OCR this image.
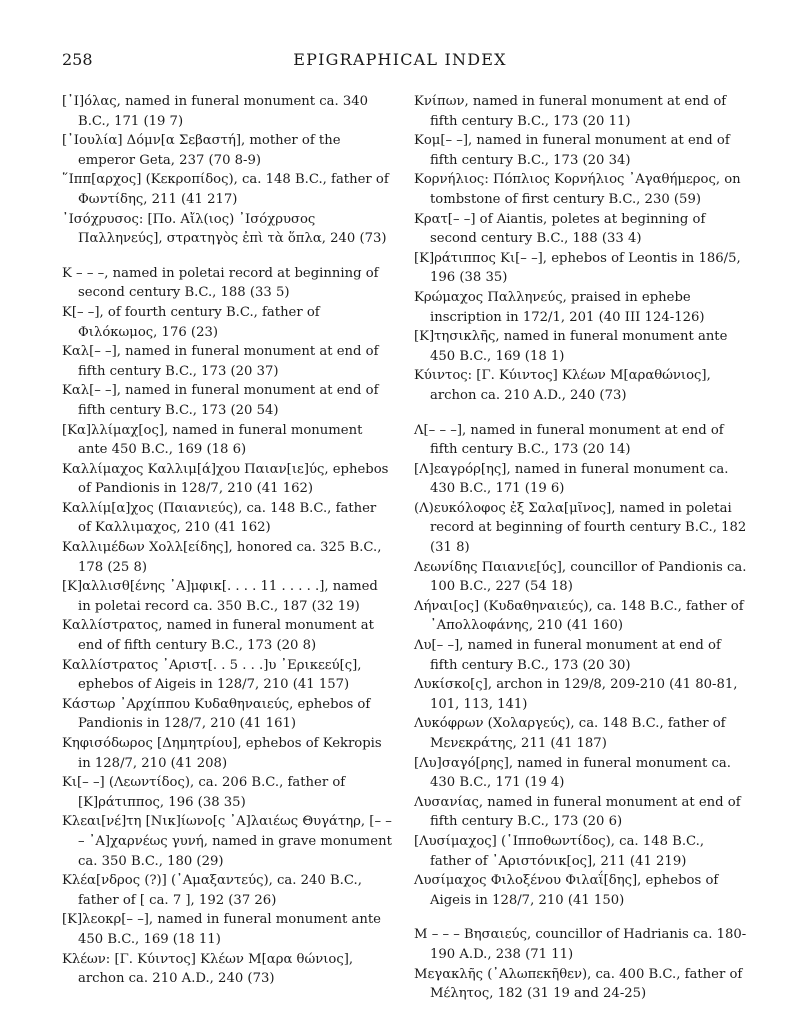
258	EPIGRAPHICAL INDEX

[᾽Ι]όλας, named in funeral monument ca. 340 B.C., 171 (19 7)

[᾽Ιουλία] Δόμν[α Σεβαστή], mother of the emperor Geta, 237 (70 8-9)

῞Ιππ[αρχος] (Κεκροπίδος), ca. 148 B.C., father of Φωντίδης, 211 (41 217)

᾽Ισόχρυσος: [Πο. Αἴλ(ιος) ᾽Ισόχρυσος Παλληνεύς], στρατηγὸς ἐπὶ τὰ ὅπλα, 240 (73)

K – – –, named in poletai record at beginning of second century B.C., 188 (33 5)

K[– –], of fourth century B.C., father of Φιλόκωμος, 176 (23)

Καλ[– –], named in funeral monument at end of fifth century B.C., 173 (20 37)

Καλ[– –], named in funeral monument at end of fifth century B.C., 173 (20 54)

[Κα]λλίμαχ[ος], named in funeral monument ante 450 B.C., 169 (18 6)

Καλλίμαχος Καλλιμ[ά]χου Παιαν[ιε]ύς, ephebos of Pandionis in 128/7, 210 (41 162)

Καλλίμ[α]χος (Παιανιεύς), ca. 148 B.C., father of Καλλιμαχος, 210 (41 162)

Καλλιμέδων Χολλ[είδης], honored ca. 325 B.C., 178 (25 8)

[Κ]αλλισθ[ένης ᾽Α]μφικ[. . . . 11 . . . . .], named in poletai record ca. 350 B.C., 187 (32 19)

Καλλίστρατος, named in funeral monument at end of fifth century B.C., 173 (20 8)

Καλλίστρατος ᾽Αριστ[. . 5 . . .]υ ᾽Ερικεεύ[ς], ephebos of Aigeis in 128/7, 210 (41 157)

Κάστωρ ᾽Αρχίππου Κυδαθηναιεύς, ephebos of Pandionis in 128/7, 210 (41 161)

Κηφισόδωρος [Δημητρίου], ephebos of Kekropis in 128/7, 210 (41 208)

Κι[– –] (Λεωντίδος), ca. 206 B.C., father of [Κ]ράτιππος, 196 (38 35)

Κλεαι[νέ]τη [Νικ]ίωνο[ς ᾽Α]λαιέως Θυγάτηρ, [– – – ᾽Α]χαρνέως γυνή, named in grave monument ca. 350 B.C., 180 (29)

Κλέα[νδρος (?)] (᾽Αμαξαντεύς), ca. 240 B.C., father of [ ca. 7 ], 192 (37 26)

[Κ]λεοκρ[– –], named in funeral monument ante 450 B.C., 169 (18 11)

Κλέων: [Γ. Κύιντος] Κλέων Μ[αρα θώνιος], archon ca. 210 A.D., 240 (73)

Κνίπων, named in funeral monument at end of fifth century B.C., 173 (20 11)

Κομ[– –], named in funeral monument at end of fifth century B.C., 173 (20 34)

Κορνήλιος: Πόπλιος Κορνήλιος ᾽Αγαθήμερος, on tombstone of first century B.C., 230 (59)

Κρατ[– –] of Aiantis, poletes at beginning of second century B.C., 188 (33 4)

[Κ]ράτιππος Κι[– –], ephebos of Leontis in 186/5, 196 (38 35)

Κρώμαχος Παλληνεύς, praised in ephebe inscription in 172/1, 201 (40 III 124-126)

[Κ]τησικλῆς, named in funeral monument ante 450 B.C., 169 (18 1)

Κύιντος: [Γ. Κύιντος] Κλέων Μ[αραθώνιος], archon ca. 210 A.D., 240 (73)

Λ[– – –], named in funeral monument at end of fifth century B.C., 173 (20 14)

[Λ]εαγρόρ[ης], named in funeral monument ca. 430 B.C., 171 (19 6)

(Λ)ευκόλοφος ἐξ Σαλα[μῖνος], named in poletai record at beginning of fourth century B.C., 182 (31 8)

Λεωνίδης Παιανιε[ύς], councillor of Pandionis ca. 100 B.C., 227 (54 18)

Λήναι[ος] (Κυδαθηναιεύς), ca. 148 B.C., father of ᾽Απολλοφάνης, 210 (41 160)

Λυ[– –], named in funeral monument at end of fifth century B.C., 173 (20 30)

Λυκίσκο[ς], archon in 129/8, 209-210 (41 80-81, 101, 113, 141)

Λυκόφρων (Χολαργεύς), ca. 148 B.C., father of Μενεκράτης, 211 (41 187)

[Λυ]σαγό[ρης], named in funeral monument ca. 430 B.C., 171 (19 4)

Λυσανίας, named in funeral monument at end of fifth century B.C., 173 (20 6)

[Λυσίμαχος] (῾Ιπποθωντίδος), ca. 148 B.C., father of ᾽Αριστόνικ[ος], 211 (41 219)

Λυσίμαχος Φιλοξένου Φιλαΐ[δης], ephebos of Aigeis in 128/7, 210 (41 150)

M – – – Βησαιεύς, councillor of Hadrianis ca. 180-190 A.D., 238 (71 11)

Μεγακλῆς (᾽Αλωπεκῆθεν), ca. 400 B.C., father of Μέλητος, 182 (31 19 and 24-25)
